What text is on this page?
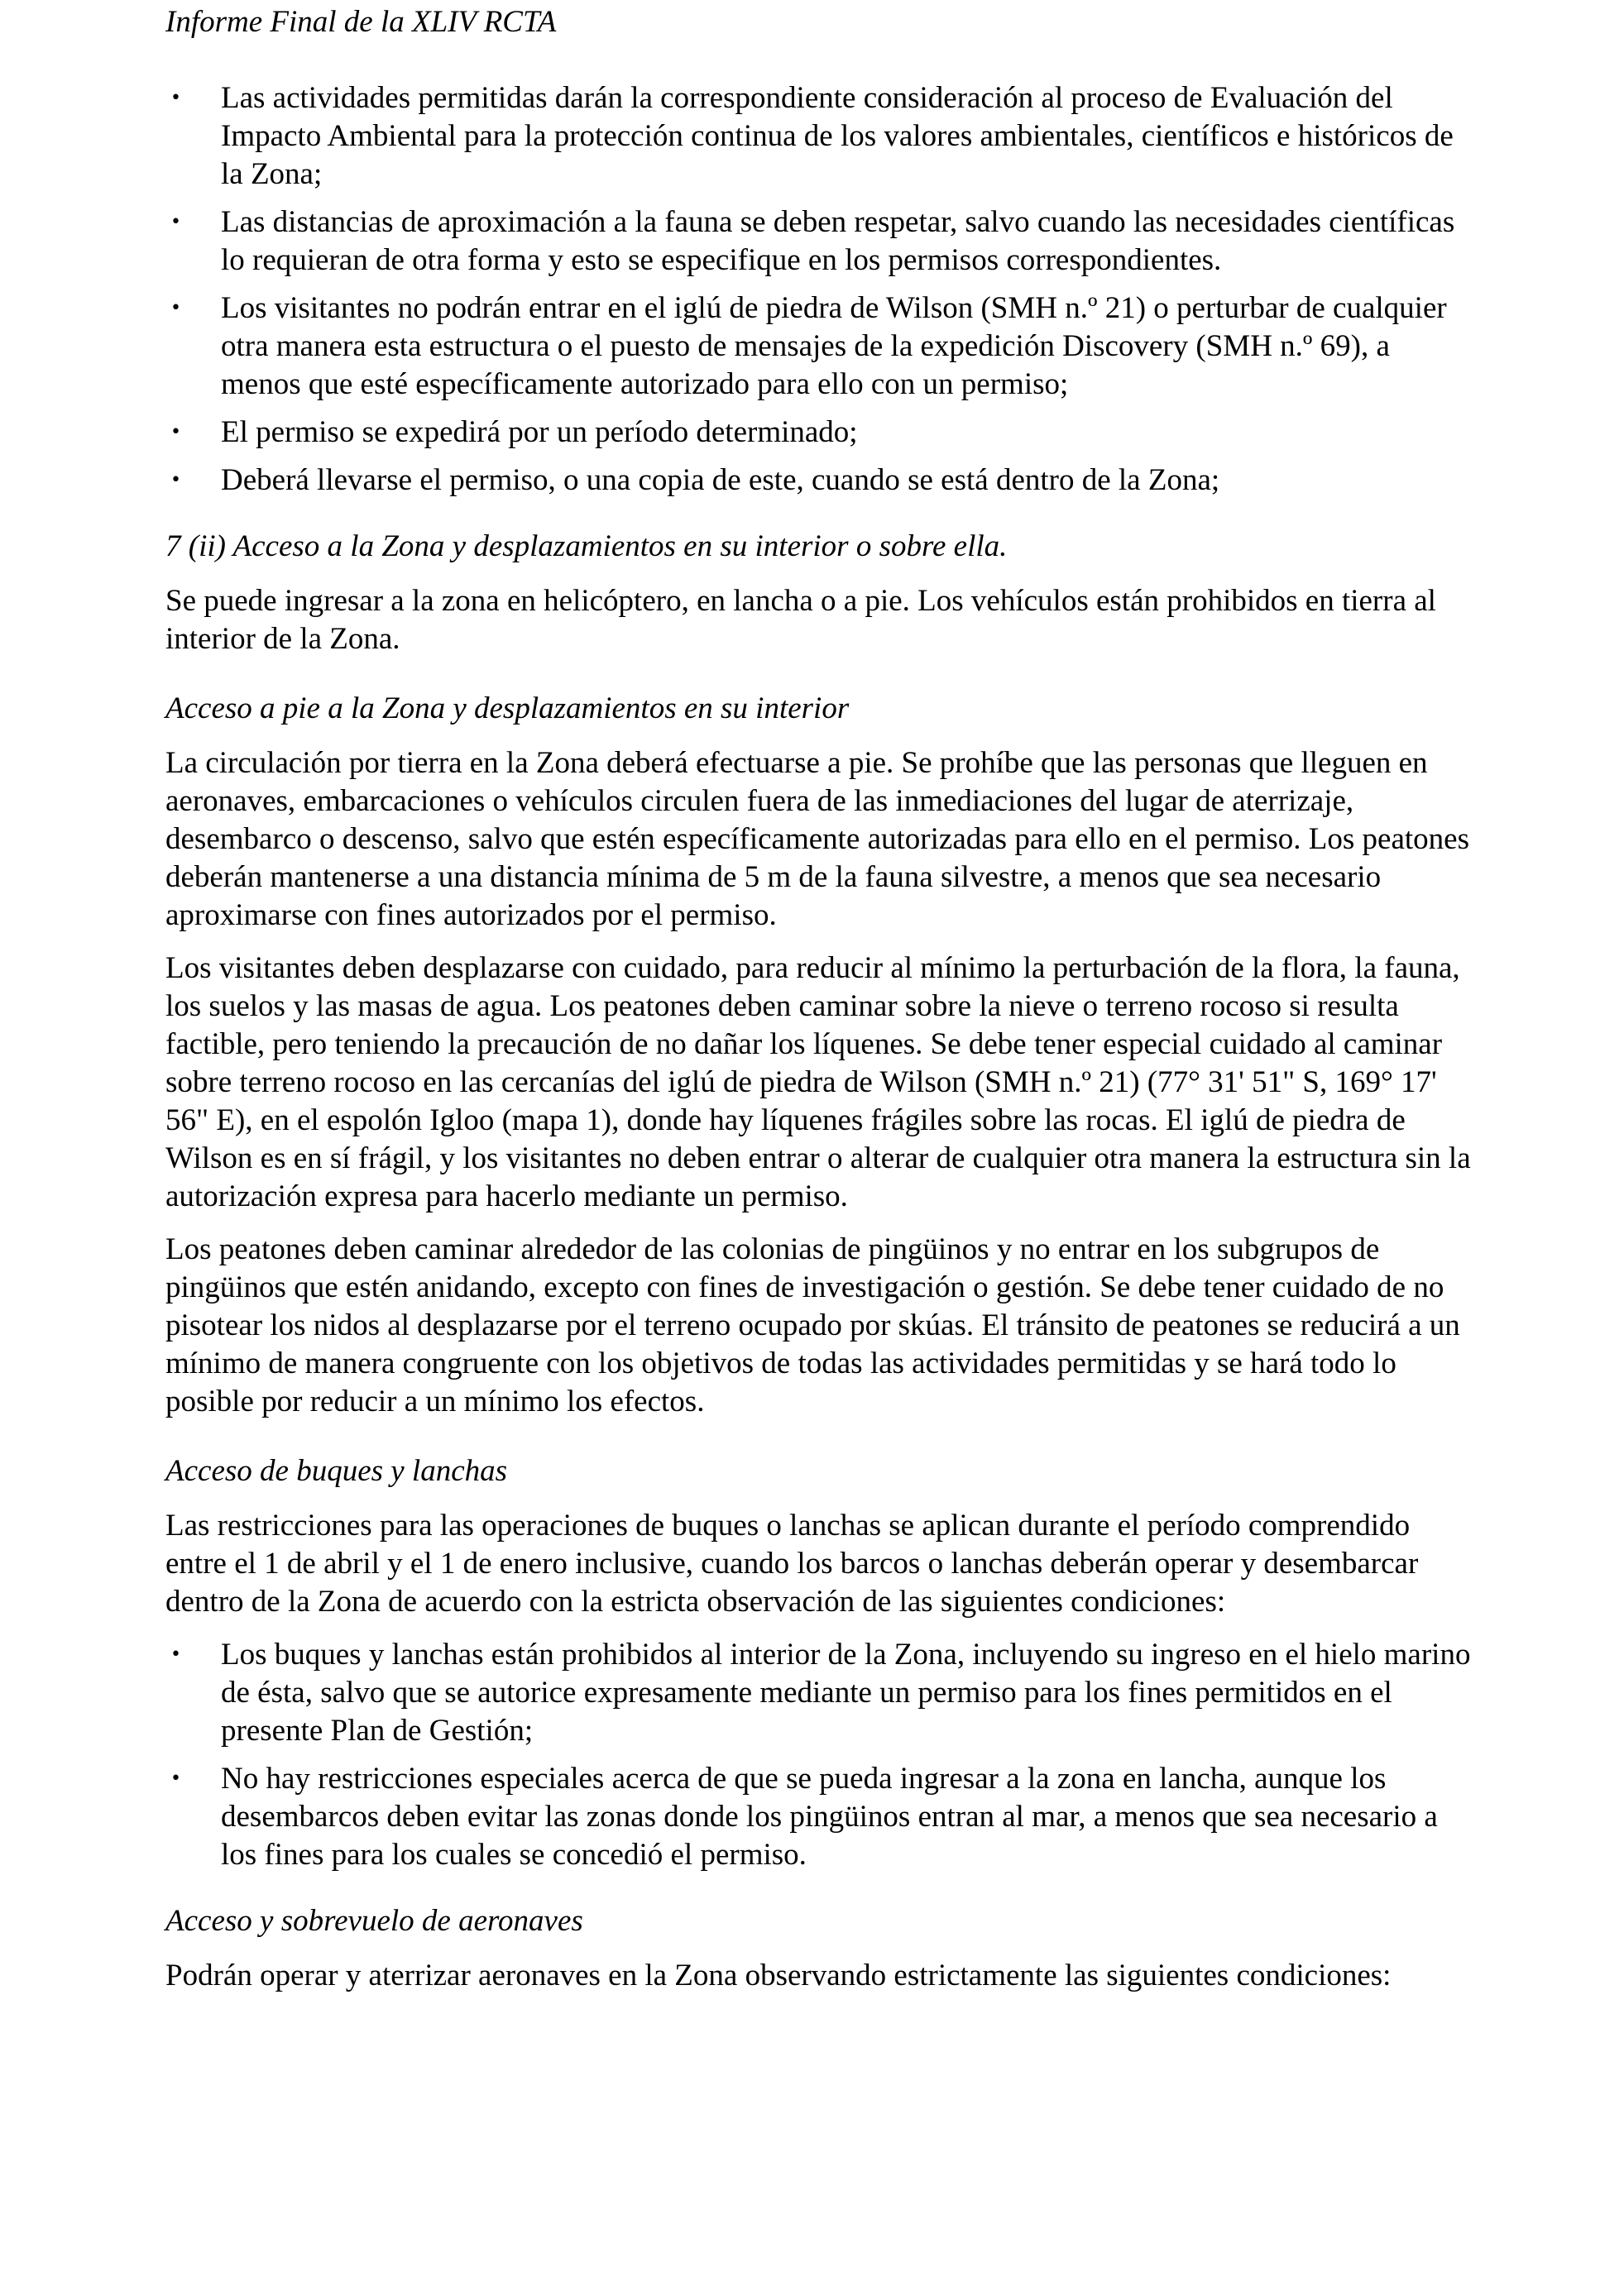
Informe Final de la XLIV RCTA
• Las actividades permitidas darán la correspondiente consideración al proceso de Evaluación del Impacto Ambiental para la protección continua de los valores ambientales, científicos e históricos de la Zona;
• Las distancias de aproximación a la fauna se deben respetar, salvo cuando las necesidades científicas lo requieran de otra forma y esto se especifique en los permisos correspondientes.
• Los visitantes no podrán entrar en el iglú de piedra de Wilson (SMH n.º 21) o perturbar de cualquier otra manera esta estructura o el puesto de mensajes de la expedición Discovery (SMH n.º 69), a menos que esté específicamente autorizado para ello con un permiso;
• El permiso se expedirá por un período determinado;
• Deberá llevarse el permiso, o una copia de este, cuando se está dentro de la Zona;

7 (ii) Acceso a la Zona y desplazamientos en su interior o sobre ella.

Se puede ingresar a la zona en helicóptero, en lancha o a pie. Los vehículos están prohibidos en tierra al interior de la Zona.

Acceso a pie a la Zona y desplazamientos en su interior

La circulación por tierra en la Zona deberá efectuarse a pie. Se prohíbe que las personas que lleguen en aeronaves, embarcaciones o vehículos circulen fuera de las inmediaciones del lugar de aterrizaje, desembarco o descenso, salvo que estén específicamente autorizadas para ello en el permiso. Los peatones deberán mantenerse a una distancia mínima de 5 m de la fauna silvestre, a menos que sea necesario aproximarse con fines autorizados por el permiso.

Los visitantes deben desplazarse con cuidado, para reducir al mínimo la perturbación de la flora, la fauna, los suelos y las masas de agua. Los peatones deben caminar sobre la nieve o terreno rocoso si resulta factible, pero teniendo la precaución de no dañar los líquenes. Se debe tener especial cuidado al caminar sobre terreno rocoso en las cercanías del iglú de piedra de Wilson (SMH n.º 21) (77° 31' 51" S, 169° 17' 56" E), en el espolón Igloo (mapa 1), donde hay líquenes frágiles sobre las rocas. El iglú de piedra de Wilson es en sí frágil, y los visitantes no deben entrar o alterar de cualquier otra manera la estructura sin la autorización expresa para hacerlo mediante un permiso.

Los peatones deben caminar alrededor de las colonias de pingüinos y no entrar en los subgrupos de pingüinos que estén anidando, excepto con fines de investigación o gestión. Se debe tener cuidado de no pisotear los nidos al desplazarse por el terreno ocupado por skúas. El tránsito de peatones se reducirá a un mínimo de manera congruente con los objetivos de todas las actividades permitidas y se hará todo lo posible por reducir a un mínimo los efectos.

Acceso de buques y lanchas

Las restricciones para las operaciones de buques o lanchas se aplican durante el período comprendido entre el 1 de abril y el 1 de enero inclusive, cuando los barcos o lanchas deberán operar y desembarcar dentro de la Zona de acuerdo con la estricta observación de las siguientes condiciones:

• Los buques y lanchas están prohibidos al interior de la Zona, incluyendo su ingreso en el hielo marino de ésta, salvo que se autorice expresamente mediante un permiso para los fines permitidos en el presente Plan de Gestión;
• No hay restricciones especiales acerca de que se pueda ingresar a la zona en lancha, aunque los desembarcos deben evitar las zonas donde los pingüinos entran al mar, a menos que sea necesario a los fines para los cuales se concedió el permiso.

Acceso y sobrevuelo de aeronaves

Podrán operar y aterrizar aeronaves en la Zona observando estrictamente las siguientes condiciones:
